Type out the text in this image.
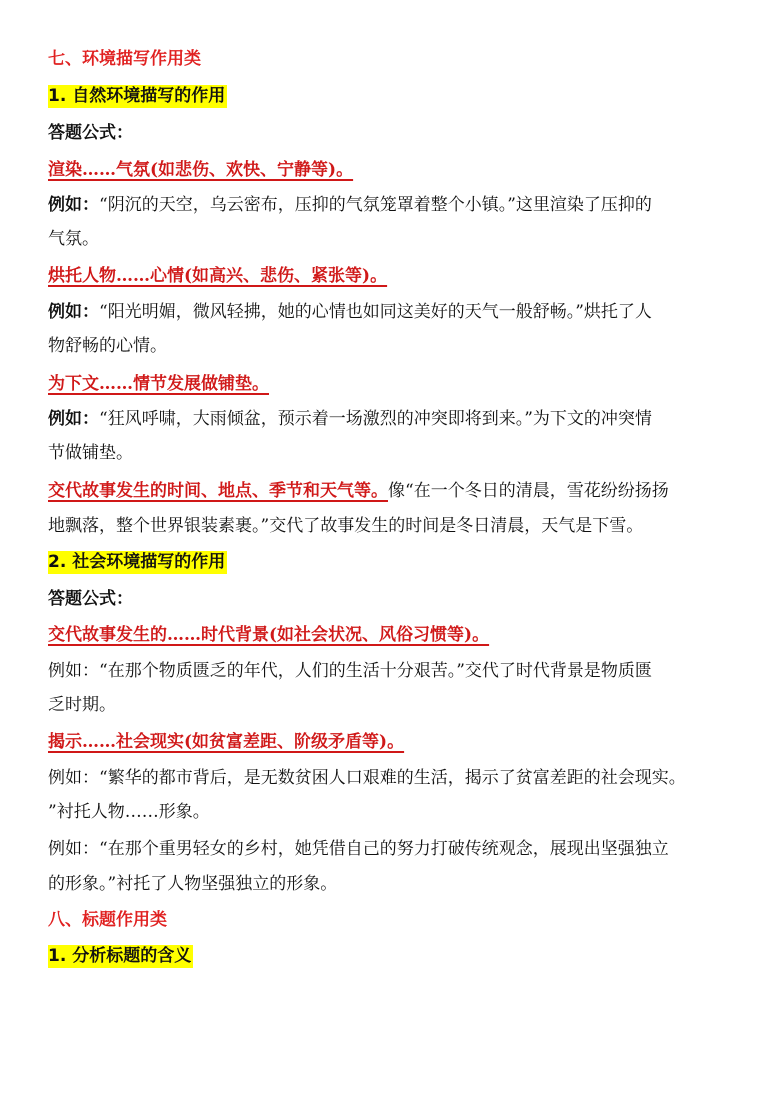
七、环境描写作用类
1. 自然环境描写的作用
答题公式：
渲染……气氛(如悲伤、欢快、宁静等)。
例如：“阴沉的天空，乌云密布，压抑的气氛笼罩着整个小镇。”这里渲染了压抑的
气氛。
烘托人物……心情(如高兴、悲伤、紧张等)。
例如：“阳光明媚，微风轻拂，她的心情也如同这美好的天气一般舒畅。”烘托了人
物舒畅的心情。
为下文……情节发展做铺垫。
例如：“狂风呼啸，大雨倾盆，预示着一场激烈的冲突即将到来。”为下文的冲突情
节做铺垫。
交代故事发生的时间、地点、季节和天气等。像“在一个冬日的清晨，雪花纷纷扬扬
地飘落，整个世界银装素裹。”交代了故事发生的时间是冬日清晨，天气是下雪。
2. 社会环境描写的作用
答题公式：
交代故事发生的……时代背景(如社会状况、风俗习惯等)。
例如：“在那个物质匮乏的年代，人们的生活十分艰苦。”交代了时代背景是物质匮
乏时期。
揭示……社会现实(如贫富差距、阶级矛盾等)。
例如：“繁华的都市背后，是无数贫困人口艰难的生活，揭示了贫富差距的社会现实。
”衬托人物……形象。
例如：“在那个重男轻女的乡村，她凭借自己的努力打破传统观念，展现出坚强独立
的形象。”衬托了人物坚强独立的形象。
八、标题作用类
1. 分析标题的含义
